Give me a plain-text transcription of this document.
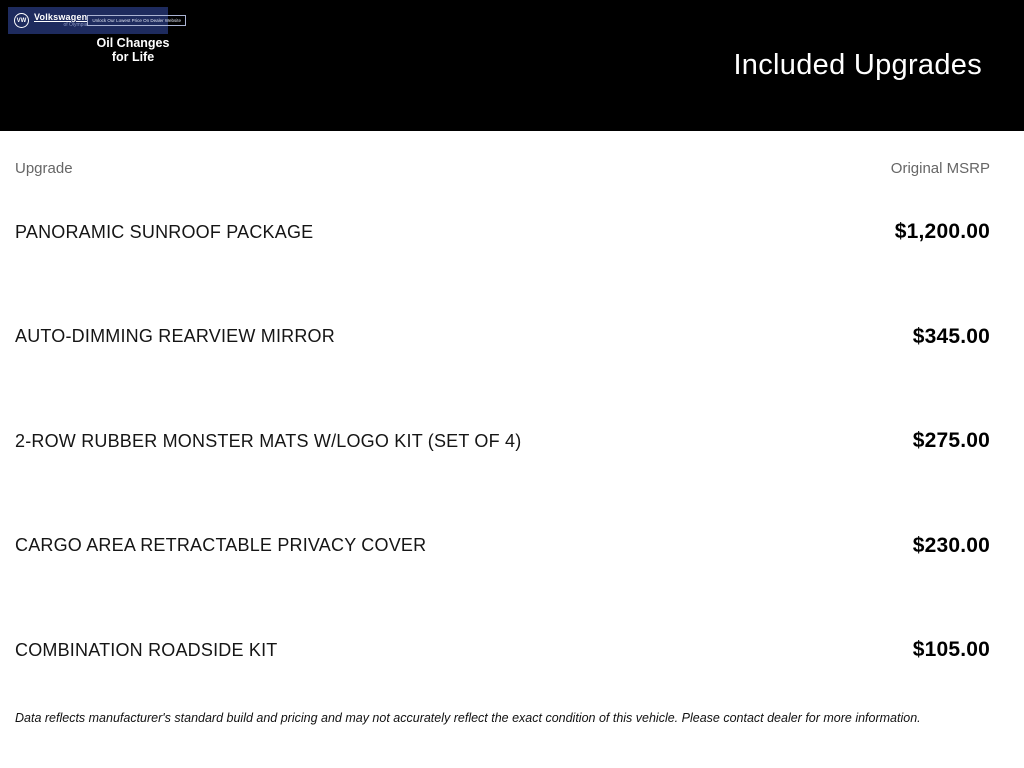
VW Volkswagen
of Olympia
Unlock Our Lowest Price On Dealer Website
Oil Changes for Life	Included Upgrades
Upgrade	Original MSRP
PANORAMIC SUNROOF PACKAGE	$1,200.00
AUTO-DIMMING REARVIEW MIRROR	$345.00
2-ROW RUBBER MONSTER MATS W/LOGO KIT (SET OF 4)	$275.00
CARGO AREA RETRACTABLE PRIVACY COVER	$230.00
COMBINATION ROADSIDE KIT	$105.00
Data reflects manufacturer's standard build and pricing and may not accurately reflect the exact condition of this vehicle. Please contact dealer for more information.
